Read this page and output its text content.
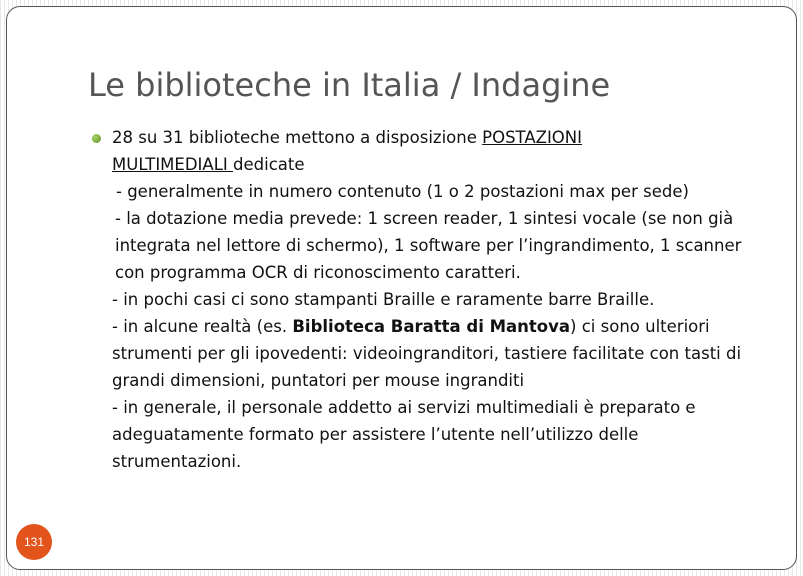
Le biblioteche in Italia / Indagine
28 su 31 biblioteche mettono a disposizione POSTAZIONI
MULTIMEDIALI dedicate
- generalmente in numero contenuto (1 o 2 postazioni max per sede)
- la dotazione media prevede: 1 screen reader, 1 sintesi vocale (se non già integrata nel lettore di schermo), 1 software per l’ingrandimento, 1 scanner con programma OCR di riconoscimento caratteri.
- in pochi casi ci sono stampanti Braille e raramente barre Braille.
- in alcune realtà (es. Biblioteca Baratta di Mantova) ci sono ulteriori strumenti per gli ipovedenti: videoingranditori, tastiere facilitate con tasti di grandi dimensioni, puntatori per mouse ingranditi
- in generale, il personale addetto ai servizi multimediali è preparato e adeguatamente formato per assistere l’utente nell’utilizzo delle strumentazioni.
131
